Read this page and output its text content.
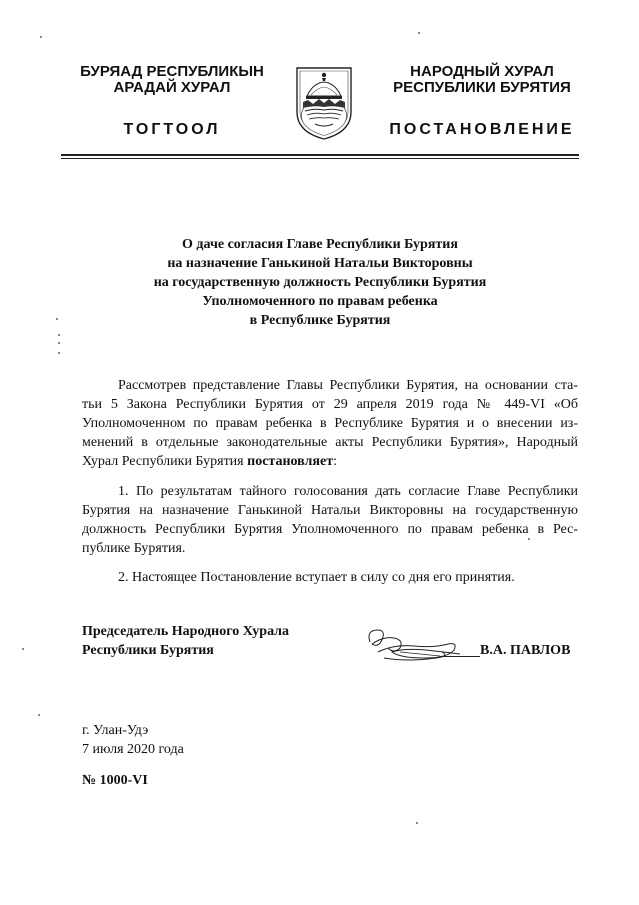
БУРЯАД РЕСПУБЛИКЫН
АРАДАЙ ХУРАЛ
НАРОДНЫЙ ХУРАЛ
РЕСПУБЛИКИ БУРЯТИЯ
ТОГТООЛ	ПОСТАНОВЛЕНИЕ
О даче согласия Главе Республики Бурятия
на назначение Ганькиной Натальи Викторовны
на государственную должность Республики Бурятия
Уполномоченного по правам ребенка
в Республике Бурятия
Рассмотрев представление Главы Республики Бурятия, на основании ста-
тьи 5 Закона Республики Бурятия от 29 апреля 2019 года № 449-VI «Об
Уполномоченном по правам ребенка в Республике Бурятия и о внесении из-
менений в отдельные законодательные акты Республики Бурятия», Народный
Хурал Республики Бурятия постановляет:
1. По результатам тайного голосования дать согласие Главе Республики
Бурятия на назначение Ганькиной Натальи Викторовны на государственную
должность Республики Бурятия Уполномоченного по правам ребенка в Рес-
публике Бурятия.
2. Настоящее Постановление вступает в силу со дня его принятия.
Председатель Народного Хурала
Республики Бурятия	В.А. ПАВЛОВ
г. Улан-Удэ
7 июля 2020 года
№ 1000-VI
